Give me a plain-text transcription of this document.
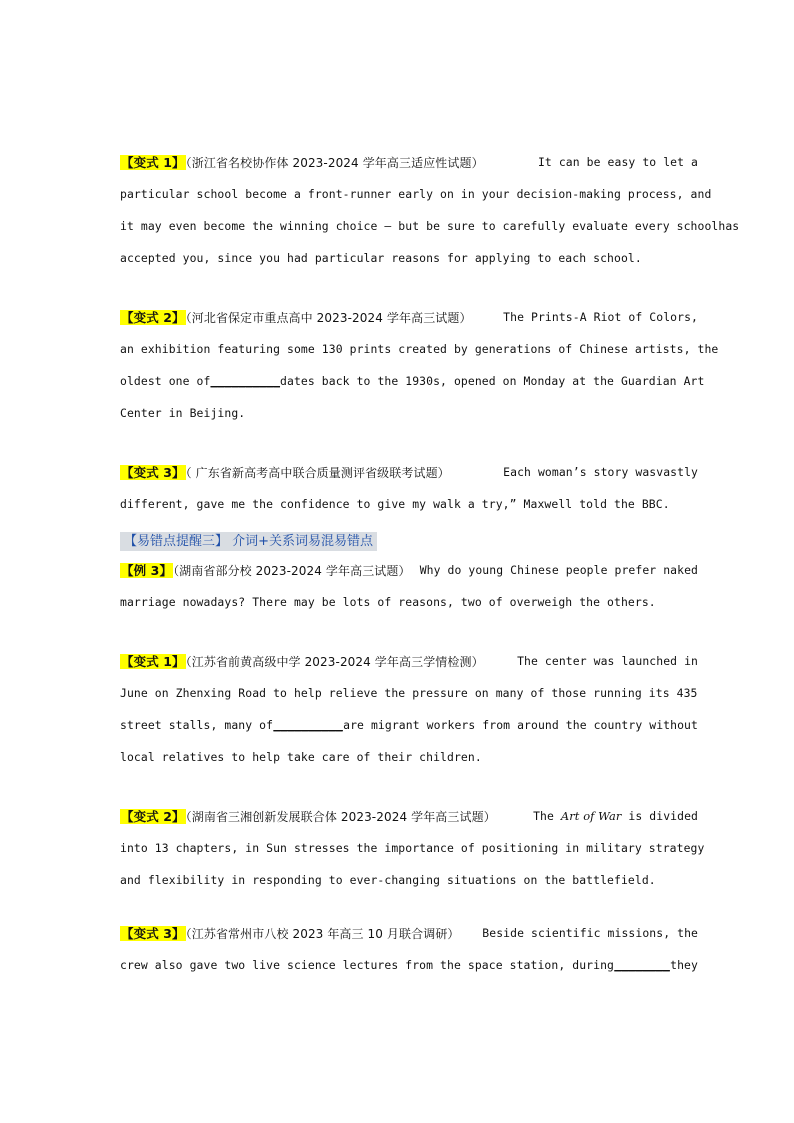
【变式 1】（浙江省名校协作体 2023-2024 学年高三适应性试题）	It can be easy to let a
particular school become a front-runner early on in your decision-making process, and
it may even become the winning choice — but be sure to carefully evaluate every schoolhas
accepted you, since you had particular reasons for applying to each school.
【变式 2】（河北省保定市重点高中 2023-2024 学年高三试题）	The Prints-A Riot of Colors,
an exhibition featuring some 130 prints created by generations of Chinese artists, the
oldest one of __________ dates back to the 1930s, opened on Monday at the Guardian Art
Center in Beijing.
【变式 3】（ 广东省新高考高中联合质量测评省级联考试题）	Each woman’s story wasvastly
different, gave me the confidence to give my walk a try,” Maxwell told the BBC.
【易错点提醒三】 介词+关系词易混易错点
【例 3】（湖南省部分校 2023-2024 学年高三试题） Why do young Chinese people prefer naked
marriage nowadays? There may be lots of reasons, two of overweigh the others.
【变式 1】（江苏省前黄高级中学 2023-2024 学年高三学情检测）	The center was launched in
June on Zhenxing Road to help relieve the pressure on many of those running its 435
street stalls, many of __________ are migrant workers from around the country without
local relatives to help take care of their children.
【变式 2】（湖南省三湘创新发展联合体 2023-2024 学年高三试题）	The Art of War is divided
into 13 chapters, in Sun stresses the importance of positioning in military strategy
and flexibility in responding to ever-changing situations on the battlefield.
【变式 3】（江苏省常州市八校 2023 年高三 10 月联合调研） Beside scientific missions, the
crew also gave two live science lectures from the space station, during ________ they
